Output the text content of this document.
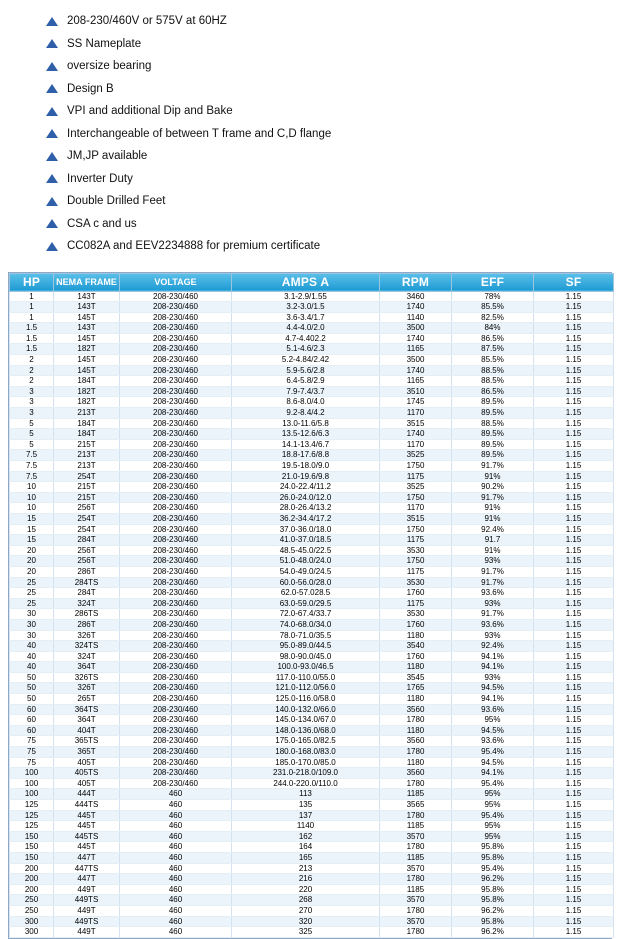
208-230/460V or 575V at 60HZ
SS Nameplate
oversize bearing
Design B
VPI and additional Dip and Bake
Interchangeable of between T frame and C,D flange
JM,JP available
Inverter Duty
Double Drilled Feet
CSA c and us
CC082A and EEV2234888 for premium certificate
HP	NEMA FRAME	VOLTAGE	AMPS A	RPM	EFF	SF
1	143T	208-230/460	3.1-2.9/1.55	3460	78%	1.15
1	143T	208-230/460	3.2-3.0/1.5	1740	85.5%	1.15
1	145T	208-230/460	3.6-3.4/1.7	1140	82.5%	1.15
1.5	143T	208-230/460	4.4-4.0/2.0	3500	84%	1.15
1.5	145T	208-230/460	4.7-4.402.2	1740	86.5%	1.15
1.5	182T	208-230/460	5.1-4.6/2.3	1165	87.5%	1.15
2	145T	208-230/460	5.2-4.84/2.42	3500	85.5%	1.15
2	145T	208-230/460	5.9-5.6/2.8	1740	88.5%	1.15
2	184T	208-230/460	6.4-5.8/2.9	1165	88.5%	1.15
3	182T	208-230/460	7.9-7.4/3.7	3510	86.5%	1.15
3	182T	208-230/460	8.6-8.0/4.0	1745	89.5%	1.15
3	213T	208-230/460	9.2-8.4/4.2	1170	89.5%	1.15
5	184T	208-230/460	13.0-11.6/5.8	3515	88.5%	1.15
5	184T	208-230/460	13.5-12.6/6.3	1740	89.5%	1.15
5	215T	208-230/460	14.1-13.4/6.7	1170	89.5%	1.15
7.5	213T	208-230/460	18.8-17.6/8.8	3525	89.5%	1.15
7.5	213T	208-230/460	19.5-18.0/9.0	1750	91.7%	1.15
7.5	254T	208-230/460	21.0-19.6/9.8	1175	91%	1.15
10	215T	208-230/460	24.0-22.4/11.2	3525	90.2%	1.15
10	215T	208-230/460	26.0-24.0/12.0	1750	91.7%	1.15
10	256T	208-230/460	28.0-26.4/13.2	1170	91%	1.15
15	254T	208-230/460	36.2-34.4/17.2	3515	91%	1.15
15	254T	208-230/460	37.0-36.0/18.0	1750	92.4%	1.15
15	284T	208-230/460	41.0-37.0/18.5	1175	91.7	1.15
20	256T	208-230/460	48.5-45.0/22.5	3530	91%	1.15
20	256T	208-230/460	51.0-48.0/24.0	1750	93%	1.15
20	286T	208-230/460	54.0-49.0/24.5	1175	91.7%	1.15
25	284TS	208-230/460	60.0-56.0/28.0	3530	91.7%	1.15
25	284T	208-230/460	62.0-57.028.5	1760	93.6%	1.15
25	324T	208-230/460	63.0-59.0/29.5	1175	93%	1.15
30	286TS	208-230/460	72.0-67.4/33.7	3530	91.7%	1.15
30	286T	208-230/460	74.0-68.0/34.0	1760	93.6%	1.15
30	326T	208-230/460	78.0-71.0/35.5	1180	93%	1.15
40	324TS	208-230/460	95.0-89.0/44.5	3540	92.4%	1.15
40	324T	208-230/460	98.0-90.0/45.0	1760	94.1%	1.15
40	364T	208-230/460	100.0-93.0/46.5	1180	94.1%	1.15
50	326TS	208-230/460	117.0-110.0/55.0	3545	93%	1.15
50	326T	208-230/460	121.0-112.0/56.0	1765	94.5%	1.15
50	265T	208-230/460	125.0-116.0/58.0	1180	94.1%	1.15
60	364TS	208-230/460	140.0-132.0/66.0	3560	93.6%	1.15
60	364T	208-230/460	145.0-134.0/67.0	1780	95%	1.15
60	404T	208-230/460	148.0-136.0/68.0	1180	94.5%	1.15
75	365TS	208-230/460	175.0-165.0/82.5	3560	93.6%	1.15
75	365T	208-230/460	180.0-168.0/83.0	1780	95.4%	1.15
75	405T	208-230/460	185.0-170.0/85.0	1180	94.5%	1.15
100	405TS	208-230/460	231.0-218.0/109.0	3560	94.1%	1.15
100	405T	208-230/460	244.0-220.0/110.0	1780	95.4%	1.15
100	444T	460	113	1185	95%	1.15
125	444TS	460	135	3565	95%	1.15
125	445T	460	137	1780	95.4%	1.15
125	445T	460	1140	1185	95%	1.15
150	445TS	460	162	3570	95%	1.15
150	445T	460	164	1780	95.8%	1.15
150	447T	460	165	1185	95.8%	1.15
200	447TS	460	213	3570	95.4%	1.15
200	447T	460	216	1780	96.2%	1.15
200	449T	460	220	1185	95.8%	1.15
250	449TS	460	268	3570	95.8%	1.15
250	449T	460	270	1780	96.2%	1.15
300	449TS	460	320	3570	95.8%	1.15
300	449T	460	325	1780	96.2%	1.15
